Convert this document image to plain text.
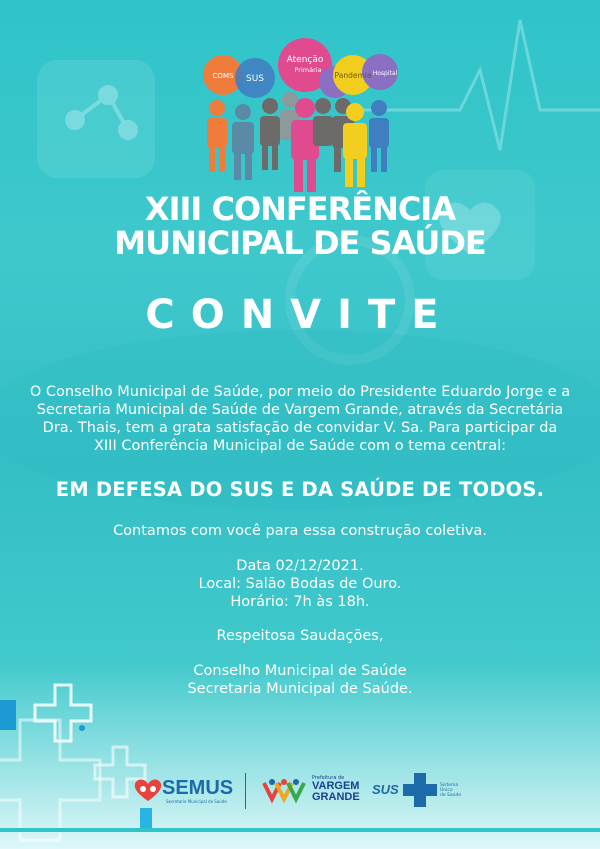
COMS SUS
Atenção
Primária
Pandemia Hospital
XIII CONFERÊNCIA
MUNICIPAL DE SAÚDE
CONVITE
O Conselho Municipal de Saúde, por meio do Presidente Eduardo Jorge e a
Secretaria Municipal de Saúde de Vargem Grande, através da Secretária
Dra. Thais, tem a grata satisfação de convidar V. Sa. Para participar da
XIII Conferência Municipal de Saúde com o tema central:
EM DEFESA DO SUS E DA SAÚDE DE TODOS.
Contamos com você para essa construção coletiva.
Data 02/12/2021.
Local: Salão Bodas de Ouro.
Horário: 7h às 18h.
Respeitosa Saudações,
Conselho Municipal de Saúde
Secretaria Municipal de Saúde.
SEMUS
Secretaria Municipal de Saúde
Prefeitura de
VARGEM
GRANDE SUS	Sistema
Único
de Saúde
